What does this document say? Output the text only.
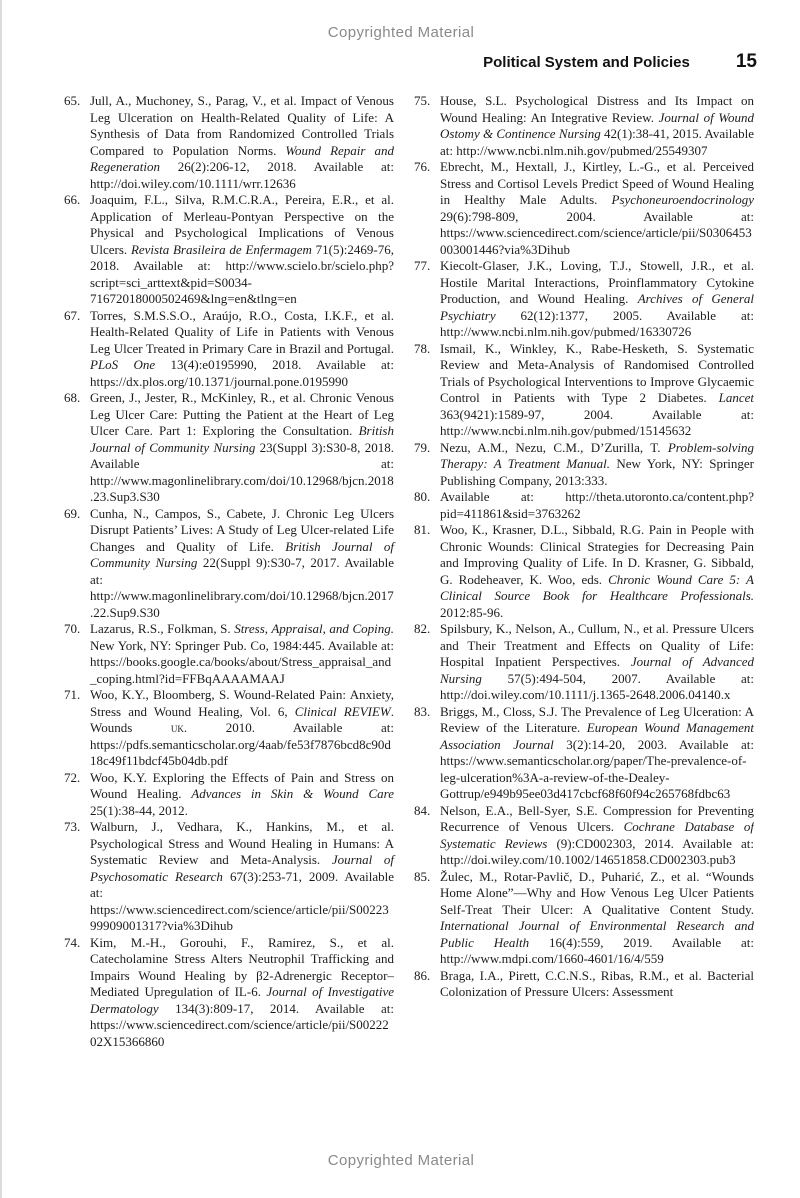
Copyrighted Material
Political System and Policies 15
65. Jull, A., Muchoney, S., Parag, V., et al. Impact of Venous Leg Ulceration on Health-Related Quality of Life: A Synthesis of Data from Randomized Controlled Trials Compared to Population Norms. Wound Repair and Regeneration 26(2):206-12, 2018. Available at: http://doi.wiley.com/10.1111/wrr.12636
66. Joaquim, F.L., Silva, R.M.C.R.A., Pereira, E.R., et al. Application of Merleau-Pontyan Perspective on the Physical and Psychological Implications of Venous Ulcers. Revista Brasileira de Enfermagem 71(5):2469-76, 2018. Available at: http://www.scielo.br/scielo.php?script=sci_arttext&pid=S0034-71672018000502469&lng=en&tlng=en
67. Torres, S.M.S.S.O., Araújo, R.O., Costa, I.K.F., et al. Health-Related Quality of Life in Patients with Venous Leg Ulcer Treated in Primary Care in Brazil and Portugal. PLoS One 13(4):e0195990, 2018. Available at: https://dx.plos.org/10.1371/journal.pone.0195990
68. Green, J., Jester, R., McKinley, R., et al. Chronic Venous Leg Ulcer Care: Putting the Patient at the Heart of Leg Ulcer Care. Part 1: Exploring the Consultation. British Journal of Community Nursing 23(Suppl 3):S30-8, 2018. Available at: http://www.magonlinelibrary.com/doi/10.12968/bjcn.2018.23.Sup3.S30
69. Cunha, N., Campos, S., Cabete, J. Chronic Leg Ulcers Disrupt Patients’ Lives: A Study of Leg Ulcer-related Life Changes and Quality of Life. British Journal of Community Nursing 22(Suppl 9):S30-7, 2017. Available at: http://www.magonlinelibrary.com/doi/10.12968/bjcn.2017.22.Sup9.S30
70. Lazarus, R.S., Folkman, S. Stress, Appraisal, and Coping. New York, NY: Springer Pub. Co, 1984:445. Available at: https://books.google.ca/books/about/Stress_appraisal_and_coping.html?id=FFBqAAAAMAAJ
71. Woo, K.Y., Bloomberg, S. Wound-Related Pain: Anxiety, Stress and Wound Healing, Vol. 6, Clinical REVIEW. Wounds uk. 2010. Available at: https://pdfs.semanticscholar.org/4aab/fe53f7876bcd8c90d18c49f11bdcf45b04db.pdf
72. Woo, K.Y. Exploring the Effects of Pain and Stress on Wound Healing. Advances in Skin & Wound Care 25(1):38-44, 2012.
73. Walburn, J., Vedhara, K., Hankins, M., et al. Psychological Stress and Wound Healing in Humans: A Systematic Review and Meta-Analysis. Journal of Psychosomatic Research 67(3):253-71, 2009. Available at: https://www.sciencedirect.com/science/article/pii/S0022399909001317?via%3Dihub
74. Kim, M.-H., Gorouhi, F., Ramirez, S., et al. Catecholamine Stress Alters Neutrophil Trafficking and Impairs Wound Healing by β2-Adrenergic Receptor–Mediated Upregulation of IL-6. Journal of Investigative Dermatology 134(3):809-17, 2014. Available at: https://www.sciencedirect.com/science/article/pii/S0022202X15366860
75. House, S.L. Psychological Distress and Its Impact on Wound Healing: An Integrative Review. Journal of Wound Ostomy & Continence Nursing 42(1):38-41, 2015. Available at: http://www.ncbi.nlm.nih.gov/pubmed/25549307
76. Ebrecht, M., Hextall, J., Kirtley, L.-G., et al. Perceived Stress and Cortisol Levels Predict Speed of Wound Healing in Healthy Male Adults. Psychoneuroendocrinology 29(6):798-809, 2004. Available at: https://www.sciencedirect.com/science/article/pii/S0306453003001446?via%3Dihub
77. Kiecolt-Glaser, J.K., Loving, T.J., Stowell, J.R., et al. Hostile Marital Interactions, Proinflammatory Cytokine Production, and Wound Healing. Archives of General Psychiatry 62(12):1377, 2005. Available at: http://www.ncbi.nlm.nih.gov/pubmed/16330726
78. Ismail, K., Winkley, K., Rabe-Hesketh, S. Systematic Review and Meta-Analysis of Randomised Controlled Trials of Psychological Interventions to Improve Glycaemic Control in Patients with Type 2 Diabetes. Lancet 363(9421):1589-97, 2004. Available at: http://www.ncbi.nlm.nih.gov/pubmed/15145632
79. Nezu, A.M., Nezu, C.M., D’Zurilla, T. Problem-solving Therapy: A Treatment Manual. New York, NY: Springer Publishing Company, 2013:333.
80. Available at: http://theta.utoronto.ca/content.php?pid=411861&sid=3763262
81. Woo, K., Krasner, D.L., Sibbald, R.G. Pain in People with Chronic Wounds: Clinical Strategies for Decreasing Pain and Improving Quality of Life. In D. Krasner, G. Sibbald, G. Rodeheaver, K. Woo, eds. Chronic Wound Care 5: A Clinical Source Book for Healthcare Professionals. 2012:85-96.
82. Spilsbury, K., Nelson, A., Cullum, N., et al. Pressure Ulcers and Their Treatment and Effects on Quality of Life: Hospital Inpatient Perspectives. Journal of Advanced Nursing 57(5):494-504, 2007. Available at: http://doi.wiley.com/10.1111/j.1365-2648.2006.04140.x
83. Briggs, M., Closs, S.J. The Prevalence of Leg Ulceration: A Review of the Literature. European Wound Management Association Journal 3(2):14-20, 2003. Available at: https://www.semanticscholar.org/paper/The-prevalence-of-leg-ulceration%3A-a-review-of-the-Dealey-Gottrup/e949b95ee03d417cbcf68f60f94c265768fdbc63
84. Nelson, E.A., Bell-Syer, S.E. Compression for Preventing Recurrence of Venous Ulcers. Cochrane Database of Systematic Reviews (9):CD002303, 2014. Available at: http://doi.wiley.com/10.1002/14651858.CD002303.pub3
85. Žulec, M., Rotar-Pavlič, D., Puharić, Z., et al. “Wounds Home Alone”—Why and How Venous Leg Ulcer Patients Self-Treat Their Ulcer: A Qualitative Content Study. International Journal of Environmental Research and Public Health 16(4):559, 2019. Available at: http://www.mdpi.com/1660-4601/16/4/559
86. Braga, I.A., Pirett, C.C.N.S., Ribas, R.M., et al. Bacterial Colonization of Pressure Ulcers: Assessment
Copyrighted Material
